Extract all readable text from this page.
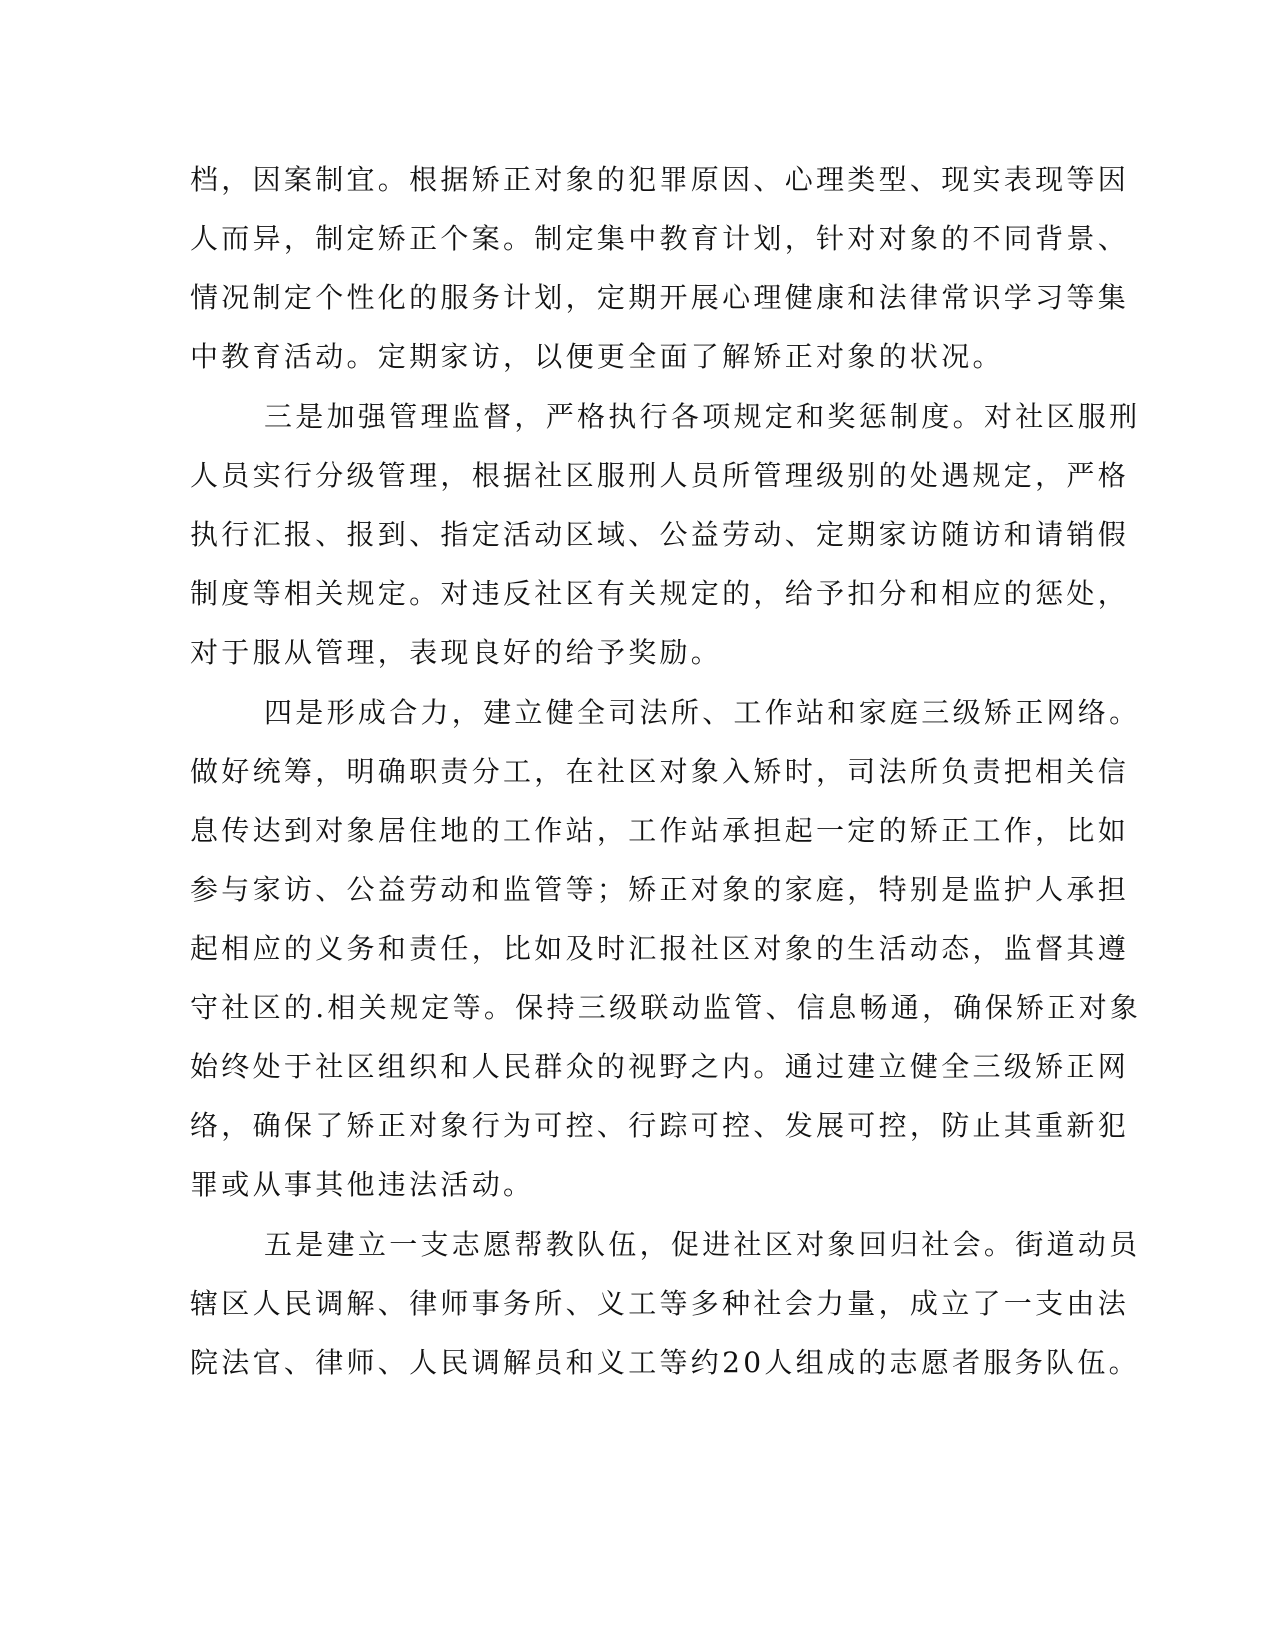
档，因案制宜。根据矫正对象的犯罪原因、心理类型、现实表现等因
人而异，制定矫正个案。制定集中教育计划，针对对象的不同背景、
情况制定个性化的服务计划，定期开展心理健康和法律常识学习等集
中教育活动。定期家访，以便更全面了解矫正对象的状况。
三是加强管理监督，严格执行各项规定和奖惩制度。对社区服刑
人员实行分级管理，根据社区服刑人员所管理级别的处遇规定，严格
执行汇报、报到、指定活动区域、公益劳动、定期家访随访和请销假
制度等相关规定。对违反社区有关规定的，给予扣分和相应的惩处，
对于服从管理，表现良好的给予奖励。
四是形成合力，建立健全司法所、工作站和家庭三级矫正网络。
做好统筹，明确职责分工，在社区对象入矫时，司法所负责把相关信
息传达到对象居住地的工作站，工作站承担起一定的矫正工作，比如
参与家访、公益劳动和监管等；矫正对象的家庭，特别是监护人承担
起相应的义务和责任，比如及时汇报社区对象的生活动态，监督其遵
守社区的.相关规定等。保持三级联动监管、信息畅通，确保矫正对象
始终处于社区组织和人民群众的视野之内。通过建立健全三级矫正网
络，确保了矫正对象行为可控、行踪可控、发展可控，防止其重新犯
罪或从事其他违法活动。
五是建立一支志愿帮教队伍，促进社区对象回归社会。街道动员
辖区人民调解、律师事务所、义工等多种社会力量，成立了一支由法
院法官、律师、人民调解员和义工等约20人组成的志愿者服务队伍。
